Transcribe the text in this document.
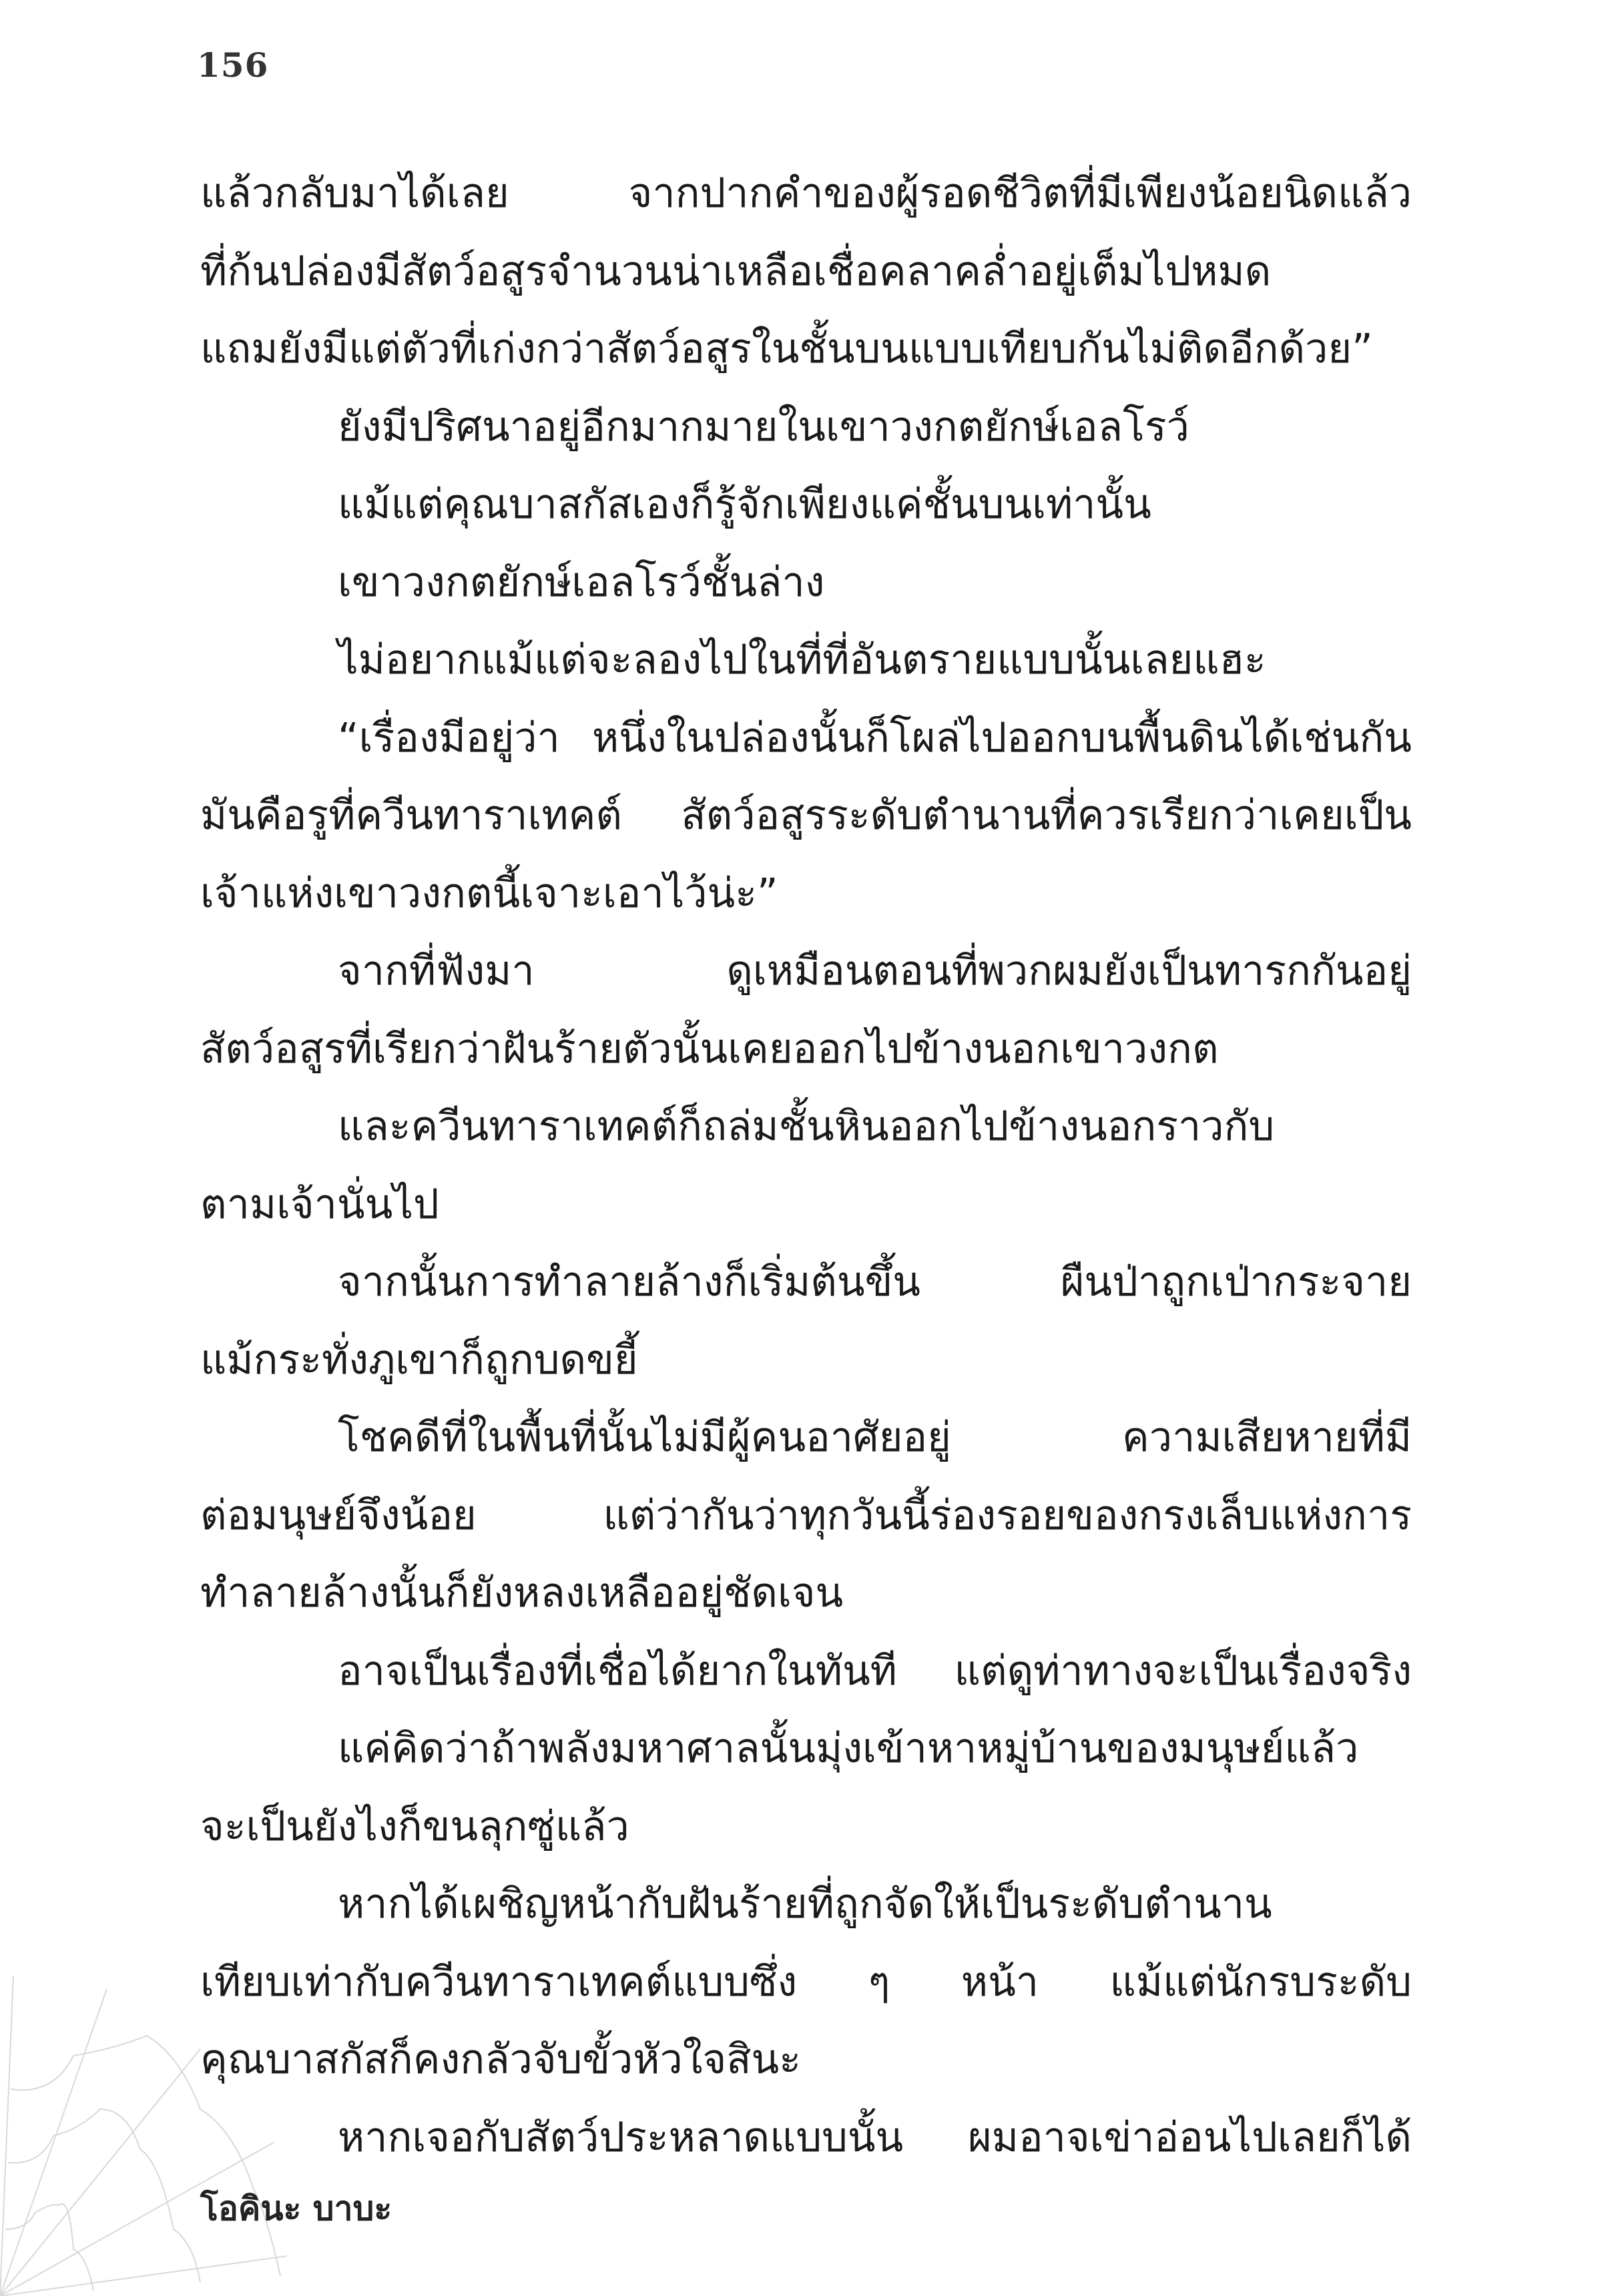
156
แล้วกลับมาได้เลย จากปากคำของผู้รอดชีวิตที่มีเพียงน้อยนิดแล้ว
ที่ก้นปล่องมีสัตว์อสูรจำนวนน่าเหลือเชื่อคลาคล่ำอยู่เต็มไปหมด
แถมยังมีแต่ตัวที่เก่งกว่าสัตว์อสูรในชั้นบนแบบเทียบกันไม่ติดอีกด้วย”
ยังมีปริศนาอยู่อีกมากมายในเขาวงกตยักษ์เอลโรว์
แม้แต่คุณบาสกัสเองก็รู้จักเพียงแค่ชั้นบนเท่านั้น
เขาวงกตยักษ์เอลโรว์ชั้นล่าง
ไม่อยากแม้แต่จะลองไปในที่ที่อันตรายแบบนั้นเลยแฮะ
“เรื่องมีอยู่ว่า หนึ่งในปล่องนั้นก็โผล่ไปออกบนพื้นดินได้เช่นกัน
มันคือรูที่ควีนทาราเทคต์ สัตว์อสูรระดับตำนานที่ควรเรียกว่าเคยเป็น
เจ้าแห่งเขาวงกตนี้เจาะเอาไว้น่ะ”
จากที่ฟังมา ดูเหมือนตอนที่พวกผมยังเป็นทารกกันอยู่
สัตว์อสูรที่เรียกว่าฝันร้ายตัวนั้นเคยออกไปข้างนอกเขาวงกต
และควีนทาราเทคต์ก็ถล่มชั้นหินออกไปข้างนอกราวกับ
ตามเจ้านั่นไป
จากนั้นการทำลายล้างก็เริ่มต้นขึ้น ผืนป่าถูกเป่ากระจาย
แม้กระทั่งภูเขาก็ถูกบดขยี้
โชคดีที่ในพื้นที่นั้นไม่มีผู้คนอาศัยอยู่ ความเสียหายที่มี
ต่อมนุษย์จึงน้อย แต่ว่ากันว่าทุกวันนี้ร่องรอยของกรงเล็บแห่งการ
ทำลายล้างนั้นก็ยังหลงเหลืออยู่ชัดเจน
อาจเป็นเรื่องที่เชื่อได้ยากในทันที แต่ดูท่าทางจะเป็นเรื่องจริง
แค่คิดว่าถ้าพลังมหาศาลนั้นมุ่งเข้าหาหมู่บ้านของมนุษย์แล้ว
จะเป็นยังไงก็ขนลุกซู่แล้ว
หากได้เผชิญหน้ากับฝันร้ายที่ถูกจัดให้เป็นระดับตำนาน
เทียบเท่ากับควีนทาราเทคต์แบบซึ่ง ๆ หน้า แม้แต่นักรบระดับ
คุณบาสกัสก็คงกลัวจับขั้วหัวใจสินะ
หากเจอกับสัตว์ประหลาดแบบนั้น ผมอาจเข่าอ่อนไปเลยก็ได้
โอคินะ บาบะ
